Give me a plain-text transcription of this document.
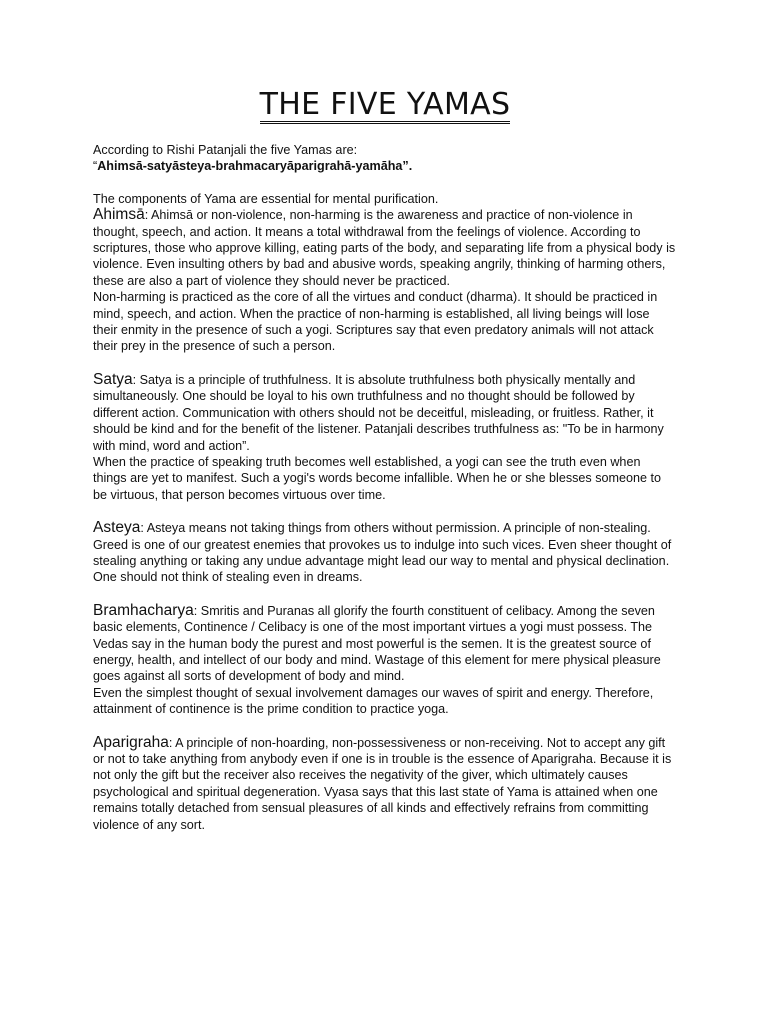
THE FIVE YAMAS

According to Rishi Patanjali the five Yamas are:

“Ahimsā-satyāsteya-brahmacaryāparigrahā-yamāha”.

The components of Yama are essential for mental purification.

Ahimsā: Ahimsā or non-violence, non-harming is the awareness and practice of non-violence in thought, speech, and action. It means a total withdrawal from the feelings of violence. According to scriptures, those who approve killing, eating parts of the body, and separating life from a physical body is violence. Even insulting others by bad and abusive words, speaking angrily, thinking of harming others, these are also a part of violence they should never be practiced.

Non-harming is practiced as the core of all the virtues and conduct (dharma). It should be practiced in mind, speech, and action. When the practice of non-harming is established, all living beings will lose their enmity in the presence of such a yogi. Scriptures say that even predatory animals will not attack their prey in the presence of such a person.

Satya: Satya is a principle of truthfulness. It is absolute truthfulness both physically mentally and simultaneously. One should be loyal to his own truthfulness and no thought should be followed by different action. Communication with others should not be deceitful, misleading, or fruitless. Rather, it should be kind and for the benefit of the listener. Patanjali describes truthfulness as: "To be in harmony with mind, word and action”.

When the practice of speaking truth becomes well established, a yogi can see the truth even when things are yet to manifest. Such a yogi's words become infallible. When he or she blesses someone to be virtuous, that person becomes virtuous over time.

Asteya: Asteya means not taking things from others without permission. A principle of non-stealing.

Greed is one of our greatest enemies that provokes us to indulge into such vices. Even sheer thought of stealing anything or taking any undue advantage might lead our way to mental and physical declination. One should not think of stealing even in dreams.

Bramhacharya: Smritis and Puranas all glorify the fourth constituent of celibacy. Among the seven

basic elements, Continence / Celibacy is one of the most important virtues a yogi must possess. The Vedas say in the human body the purest and most powerful is the semen. It is the greatest source of energy, health, and intellect of our body and mind. Wastage of this element for mere physical pleasure goes against all sorts of development of body and mind.

Even the simplest thought of sexual involvement damages our waves of spirit and energy. Therefore, attainment of continence is the prime condition to practice yoga.

Aparigraha: A principle of non-hoarding, non-possessiveness or non-receiving. Not to accept any gift or not to take anything from anybody even if one is in trouble is the essence of Aparigraha. Because it is not only the gift but the receiver also receives the negativity of the giver, which ultimately causes psychological and spiritual degeneration. Vyasa says that this last state of Yama is attained when one remains totally detached from sensual pleasures of all kinds and effectively refrains from committing violence of any sort.
